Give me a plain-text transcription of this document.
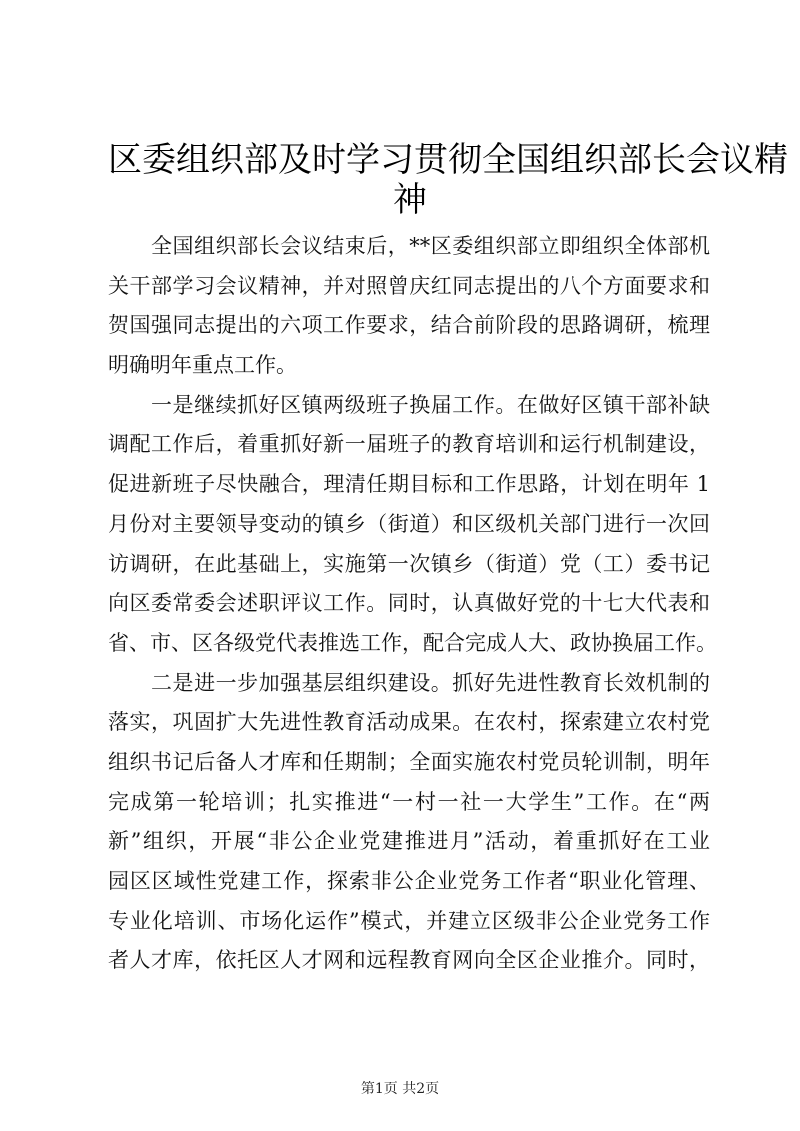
区委组织部及时学习贯彻全国组织部长会议精
神
　　全国组织部长会议结束后，**区委组织部立即组织全体部机
关干部学习会议精神，并对照曾庆红同志提出的八个方面要求和
贺国强同志提出的六项工作要求，结合前阶段的思路调研，梳理
明确明年重点工作。
　　一是继续抓好区镇两级班子换届工作。在做好区镇干部补缺
调配工作后，着重抓好新一届班子的教育培训和运行机制建设，
促进新班子尽快融合，理清任期目标和工作思路，计划在明年 1
月份对主要领导变动的镇乡（街道）和区级机关部门进行一次回
访调研，在此基础上，实施第一次镇乡（街道）党（工）委书记
向区委常委会述职评议工作。同时，认真做好党的十七大代表和
省、市、区各级党代表推选工作，配合完成人大、政协换届工作。
　　二是进一步加强基层组织建设。抓好先进性教育长效机制的
落实，巩固扩大先进性教育活动成果。在农村，探索建立农村党
组织书记后备人才库和任期制；全面实施农村党员轮训制，明年
完成第一轮培训；扎实推进“一村一社一大学生”工作。在“两
新”组织，开展“非公企业党建推进月”活动，着重抓好在工业
园区区域性党建工作，探索非公企业党务工作者“职业化管理、
专业化培训、市场化运作”模式，并建立区级非公企业党务工作
者人才库，依托区人才网和远程教育网向全区企业推介。同时，
第1页 共2页
